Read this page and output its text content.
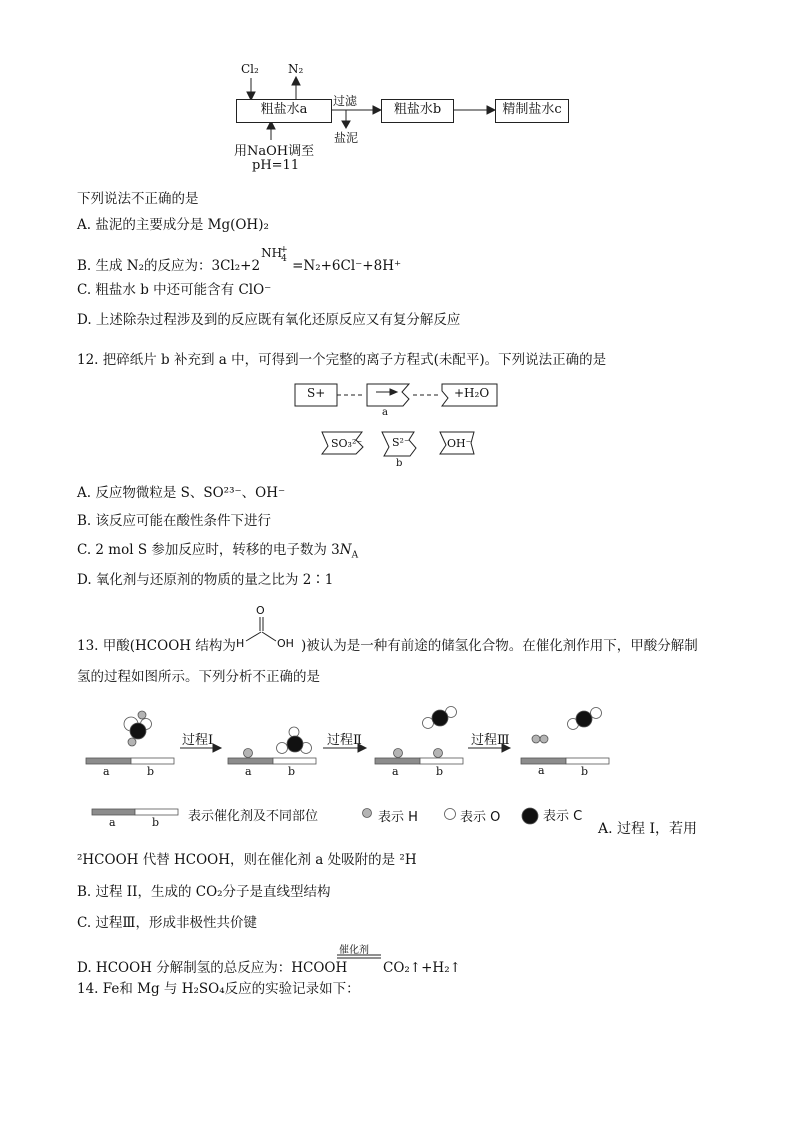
Cl₂ N₂
粗盐水a
过滤
盐泥
粗盐水b	精制盐水c
用NaOH调至
pH=11
下列说法不正确的是
A. 盐泥的主要成分是 Mg(OH)₂
B. 生成 N₂的反应为：3Cl₂+2
NH
+
4 =N₂+6Cl⁻+8H⁺
C. 粗盐水 b 中还可能含有 ClO⁻
D. 上述除杂过程涉及到的反应既有氧化还原反应又有复分解反应
12. 把碎纸片 b 补充到 a 中，可得到一个完整的离子方程式(未配平)。下列说法正确的是
S+
a
+H₂O
SO₃²⁻	S²⁻
b
OH⁻
A. 反应物微粒是 S、SO²³⁻、OH⁻
B. 该反应可能在酸性条件下进行
C. 2 mol S 参加反应时，转移的电子数为 $3N_A$
D. 氧化剂与还原剂的物质的量之比为 2∶1
13. 甲酸(HCOOH 结构为
O
H	OH )被认为是一种有前途的储氢化合物。在催化剂作用下，甲酸分解制
氢的过程如图所示。下列分析不正确的是
过程Ⅰ	过程Ⅱ	过程Ⅲ
a	b	a	b	a	b	a	b
a	b 表示催化剂及不同部位	表示 H	表示 O	表示 C
A. 过程 I，若用
²HCOOH 代替 HCOOH，则在催化剂 a 处吸附的是 ²H
B. 过程 II，生成的 CO₂分子是直线型结构
C. 过程Ⅲ，形成非极性共价键
D. HCOOH 分解制氢的总反应为：HCOOH
催化剂
CO₂↑+H₂↑
14. Fe和 Mg 与 H₂SO₄反应的实验记录如下：
